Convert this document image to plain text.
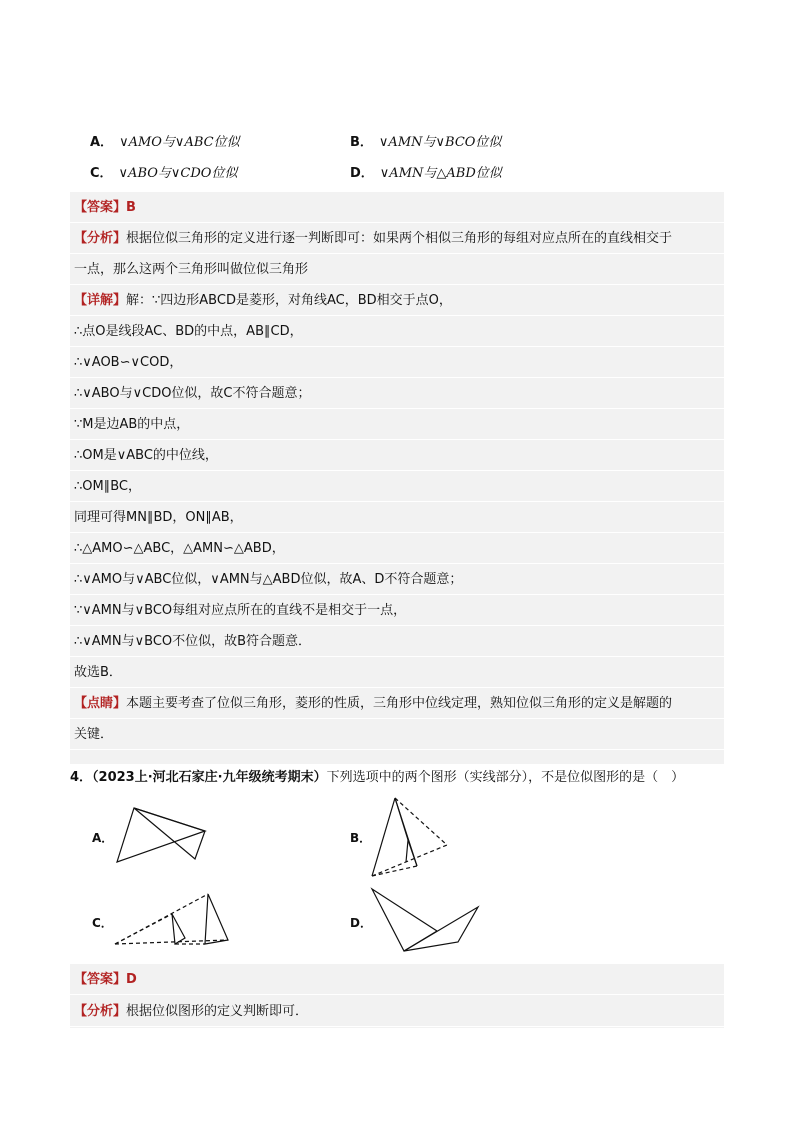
A． ∨AMO与∨ABC位似	B． ∨AMN与∨BCO位似
C． ∨ABO与∨CDO位似	D． ∨AMN与△ABD位似
【答案】B
【分析】根据位似三角形的定义进行逐一判断即可：如果两个相似三角形的每组对应点所在的直线相交于
一点，那么这两个三角形叫做位似三角形
【详解】解：∵四边形ABCD是菱形，对角线AC，BD相交于点O，
∴点O是线段AC、BD的中点，AB∥CD，
∴∨AOB∽∨COD，
∴∨ABO与∨CDO位似，故C不符合题意；
∵M是边AB的中点，
∴OM是∨ABC的中位线，
∴OM∥BC，
同理可得MN∥BD，ON∥AB，
∴△AMO∽△ABC，△AMN∽△ABD，
∴∨AMO与∨ABC位似，∨AMN与△ABD位似，故A、D不符合题意；
∵∨AMN与∨BCO每组对应点所在的直线不是相交于一点，
∴∨AMN与∨BCO不位似，故B符合题意．
故选B．
【点睛】本题主要考查了位似三角形，菱形的性质，三角形中位线定理，熟知位似三角形的定义是解题的
关键．
4．（2023上·河北石家庄·九年级统考期末）下列选项中的两个图形（实线部分），不是位似图形的是（　）
A．	B．
C．	D．
【答案】D
【分析】根据位似图形的定义判断即可．
